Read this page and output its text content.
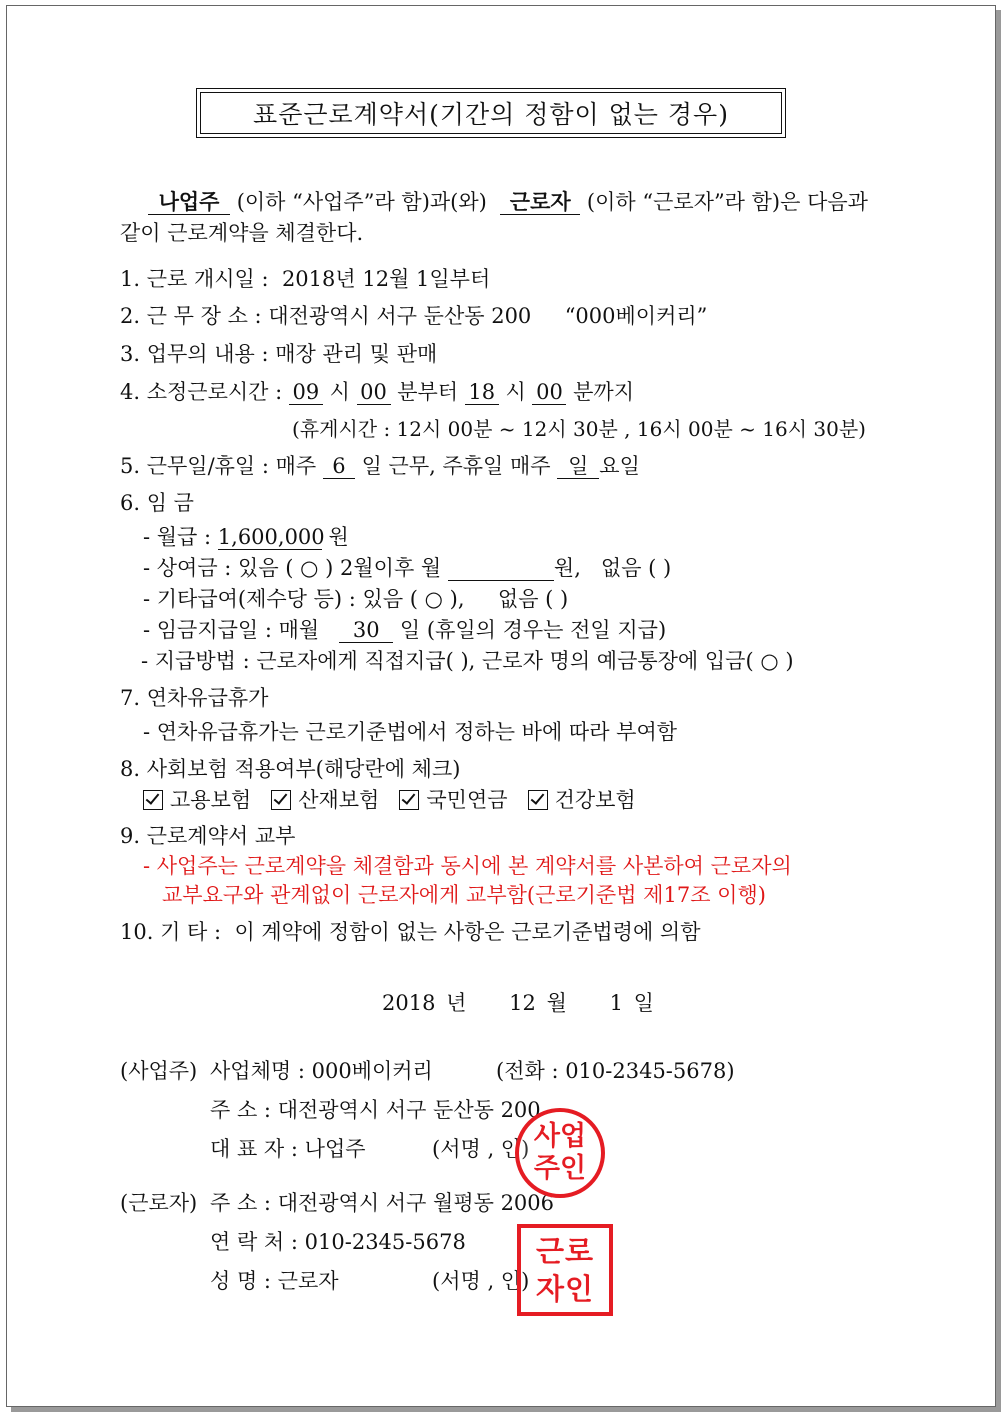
표준근로계약서(기간의 정함이 없는 경우)
나업주 (이하 “사업주”라 함)과(와) 근로자 (이하 “근로자”라 함)은 다음과
같이 근로계약을 체결한다.
1. 근로 개시일 : 2018년 12월 1일부터
2. 근 무 장 소 : 대전광역시 서구 둔산동 200 “000베이커리”
3. 업무의 내용 : 매장 관리 및 판매
4. 소정근로시간 : 09 시 00 분부터 18 시 00 분까지
(휴게시간 : 12시 00분 ~ 12시 30분 , 16시 00분 ~ 16시 30분)
5. 근무일/휴일 : 매주 6 일 근무, 주휴일 매주 일 요일
6. 임 금
- 월급 : 1,600,000 원
- 상여금 : 있음 ( ○ ) 2월이후 월	원, 없음 ( )
- 기타급여(제수당 등) : 있음 ( ○ ), 없음 ( )
- 임금지급일 : 매월 30 일 (휴일의 경우는 전일 지급)
- 지급방법 : 근로자에게 직접지급( ), 근로자 명의 예금통장에 입금( ○ )
7. 연차유급휴가
- 연차유급휴가는 근로기준법에서 정하는 바에 따라 부여함
8. 사회보험 적용여부(해당란에 체크)
고용보험 산재보험 국민연금 건강보험
9. 근로계약서 교부
- 사업주는 근로계약을 체결함과 동시에 본 계약서를 사본하여 근로자의
교부요구와 관계없이 근로자에게 교부함(근로기준법 제17조 이행)
10. 기 타 : 이 계약에 정함이 없는 사항은 근로기준법령에 의함
2018 년 12 월 1 일
(사업주) 사업체명 : 000베이커리	(전화 : 010-2345-5678)
주 소 : 대전광역시 서구 둔산동 200
대 표 자 : 나업주	(서명 , 인)
(근로자) 주 소 : 대전광역시 서구 월평동 2006
연 락 처 : 010-2345-5678
성 명 : 근로자	(서명 , 인)
사업
주인
근로
자인
